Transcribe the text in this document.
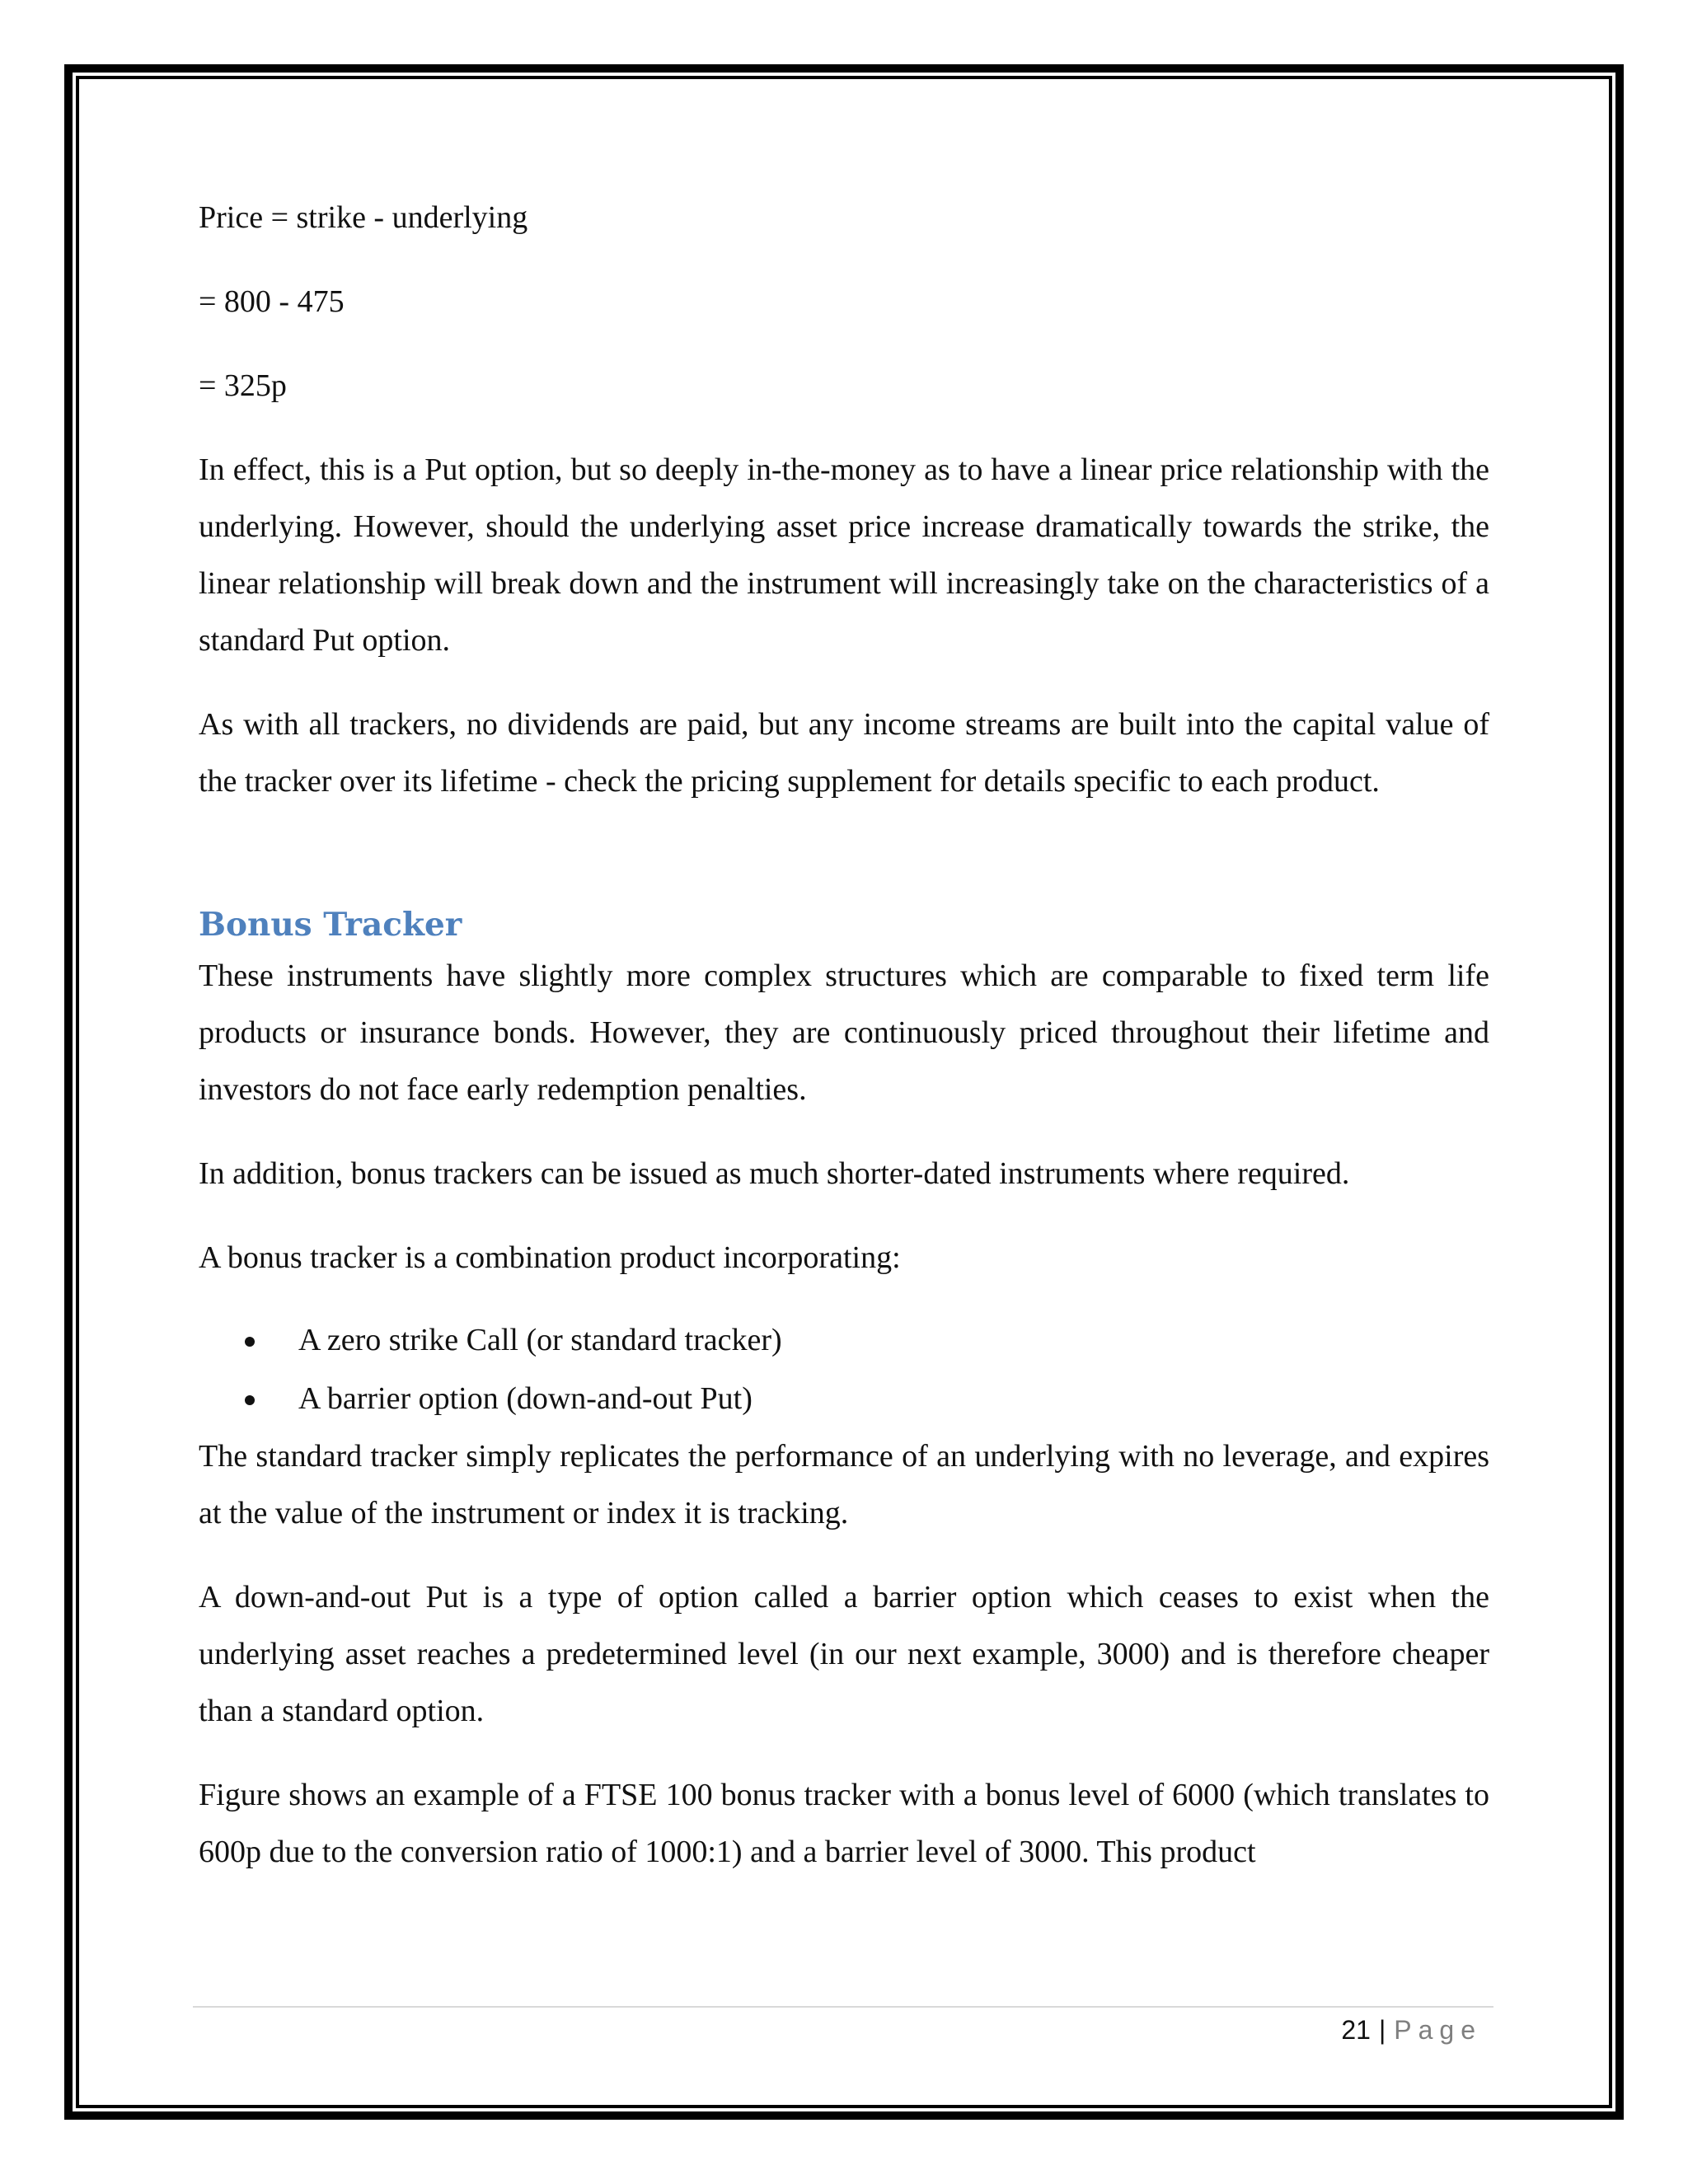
Price = strike - underlying

= 800 - 475

= 325p

In effect, this is a Put option, but so deeply in-the-money as to have a linear price relationship with the underlying. However, should the underlying asset price increase dramatically towards the strike, the linear relationship will break down and the instrument will increasingly take on the characteristics of a standard Put option.

As with all trackers, no dividends are paid, but any income streams are built into the capital value of the tracker over its lifetime - check the pricing supplement for details specific to each product.

Bonus Tracker

These instruments have slightly more complex structures which are comparable to fixed term life products or insurance bonds. However, they are continuously priced throughout their lifetime and investors do not face early redemption penalties.

In addition, bonus trackers can be issued as much shorter-dated instruments where required.

A bonus tracker is a combination product incorporating:

A zero strike Call (or standard tracker)
A barrier option (down-and-out Put)

The standard tracker simply replicates the performance of an underlying with no leverage, and expires at the value of the instrument or index it is tracking.

A down-and-out Put is a type of option called a barrier option which ceases to exist when the underlying asset reaches a predetermined level (in our next example, 3000) and is therefore cheaper than a standard option.

Figure shows an example of a FTSE 100 bonus tracker with a bonus level of 6000 (which translates to 600p due to the conversion ratio of 1000:1) and a barrier level of 3000. This product

21 | Page
